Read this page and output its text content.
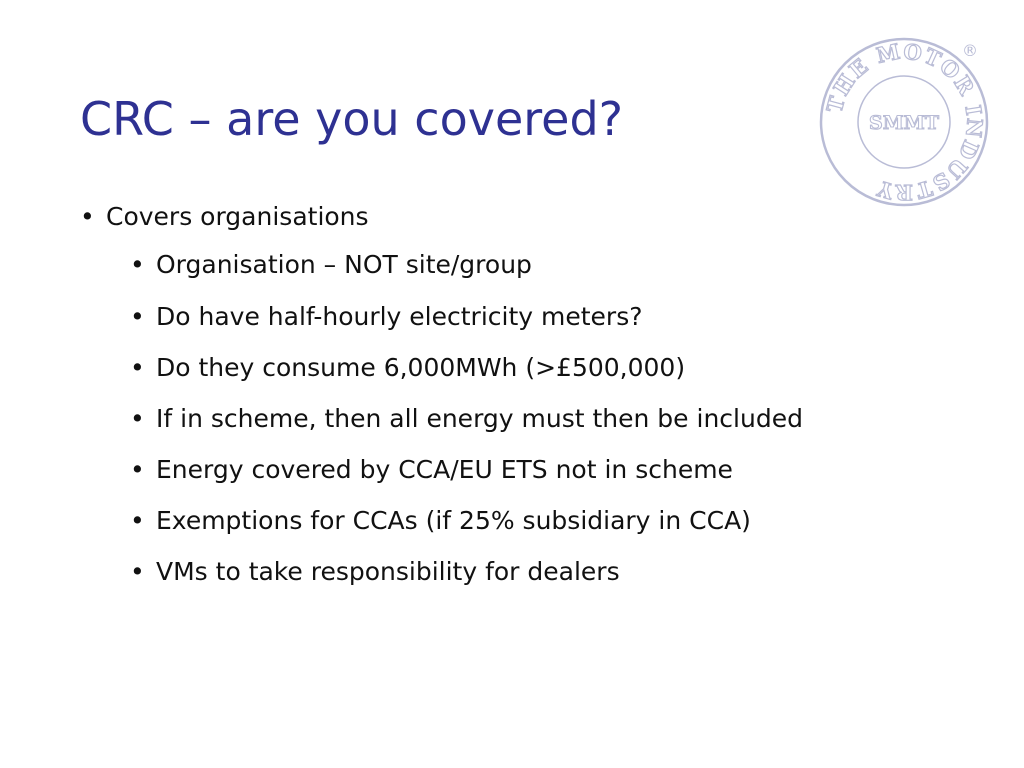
CRC – are you covered?
• Covers organisations
• Organisation – NOT site/group
• Do have half-hourly electricity meters?
• Do they consume 6,000MWh (>£500,000)
• If in scheme, then all energy must then be included
• Energy covered by CCA/EU ETS not in scheme
• Exemptions for CCAs (if 25% subsidiary in CCA)
• VMs to take responsibility for dealers
THE MOTOR INDUSTRY
SMMT
®
